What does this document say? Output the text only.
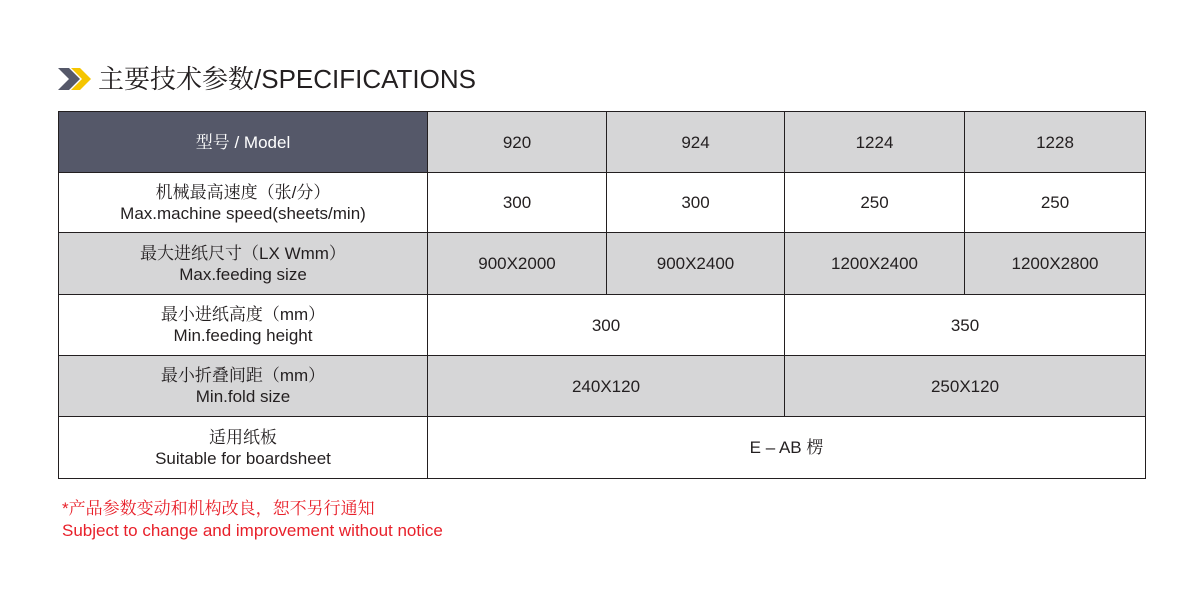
主要技术参数/SPECIFICATIONS
型号 / Model	920	924	1224	1228

机械最高速度（张/分）
Max.machine speed(sheets/min)	300	300	250	250

最大进纸尺寸（LX Wmm）
Max.feeding size	900X2000	900X2400	1200X2400	1200X2800

最小进纸高度（mm）
Min.feeding height	300		350	

最小折叠间距（mm）
Min.fold size	240X120		250X120	

适用纸板
Suitable for boardsheet	E – AB 楞			
*产品参数变动和机构改良，恕不另行通知
Subject to change and improvement without notice
